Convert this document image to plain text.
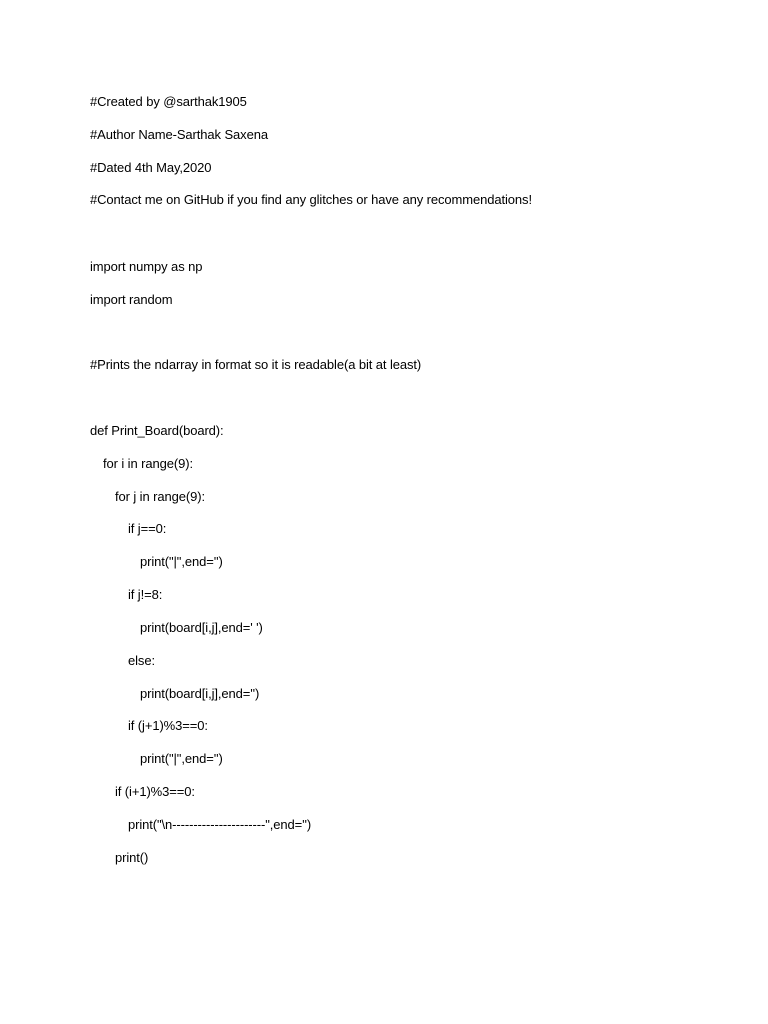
#Created by @sarthak1905
#Author Name-Sarthak Saxena
#Dated 4th May,2020
#Contact me on GitHub if you find any glitches or have any recommendations!
import numpy as np
import random
#Prints the ndarray in format so it is readable(a bit at least)
def Print_Board(board):
for i in range(9):
for j in range(9):
if j==0:
print("|",end='')
if j!=8:
print(board[i,j],end=' ')
else:
print(board[i,j],end='')
if (j+1)%3==0:
print("|",end='')
if (i+1)%3==0:
print("\n----------------------",end='')
print()
